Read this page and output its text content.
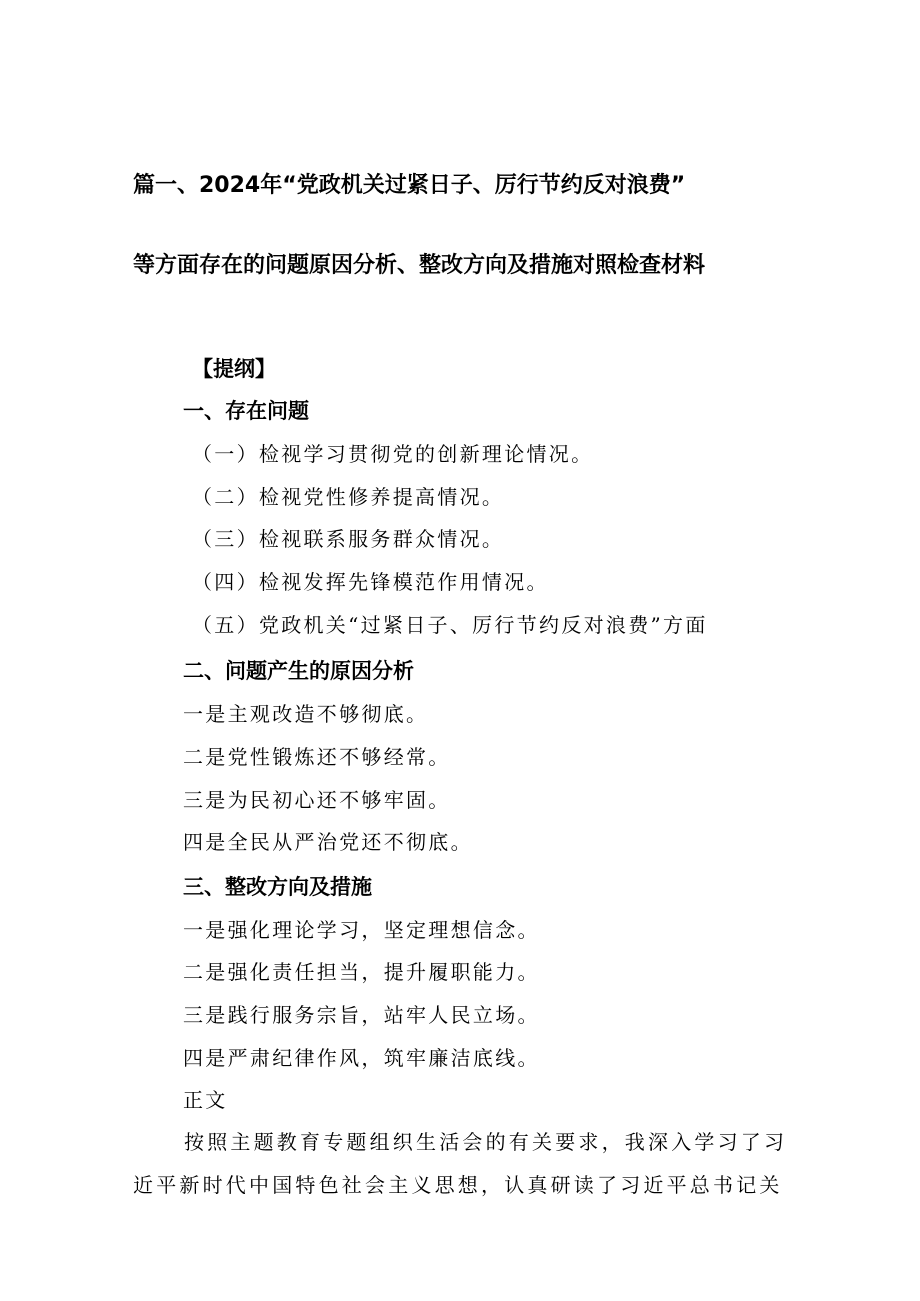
篇一、2024年“党政机关过紧日子、厉行节约反对浪费”
等方面存在的问题原因分析、整改方向及措施对照检查材料
【提纲】
一、存在问题
（一）检视学习贯彻党的创新理论情况。
（二）检视党性修养提高情况。
（三）检视联系服务群众情况。
（四）检视发挥先锋模范作用情况。
（五）党政机关“过紧日子、厉行节约反对浪费”方面
二、问题产生的原因分析
一是主观改造不够彻底。
二是党性锻炼还不够经常。
三是为民初心还不够牢固。
四是全民从严治党还不彻底。
三、整改方向及措施
一是强化理论学习，坚定理想信念。
二是强化责任担当，提升履职能力。
三是践行服务宗旨，站牢人民立场。
四是严肃纪律作风，筑牢廉洁底线。
正文
按照主题教育专题组织生活会的有关要求，我深入学习了习
近平新时代中国特色社会主义思想，认真研读了习近平总书记关
